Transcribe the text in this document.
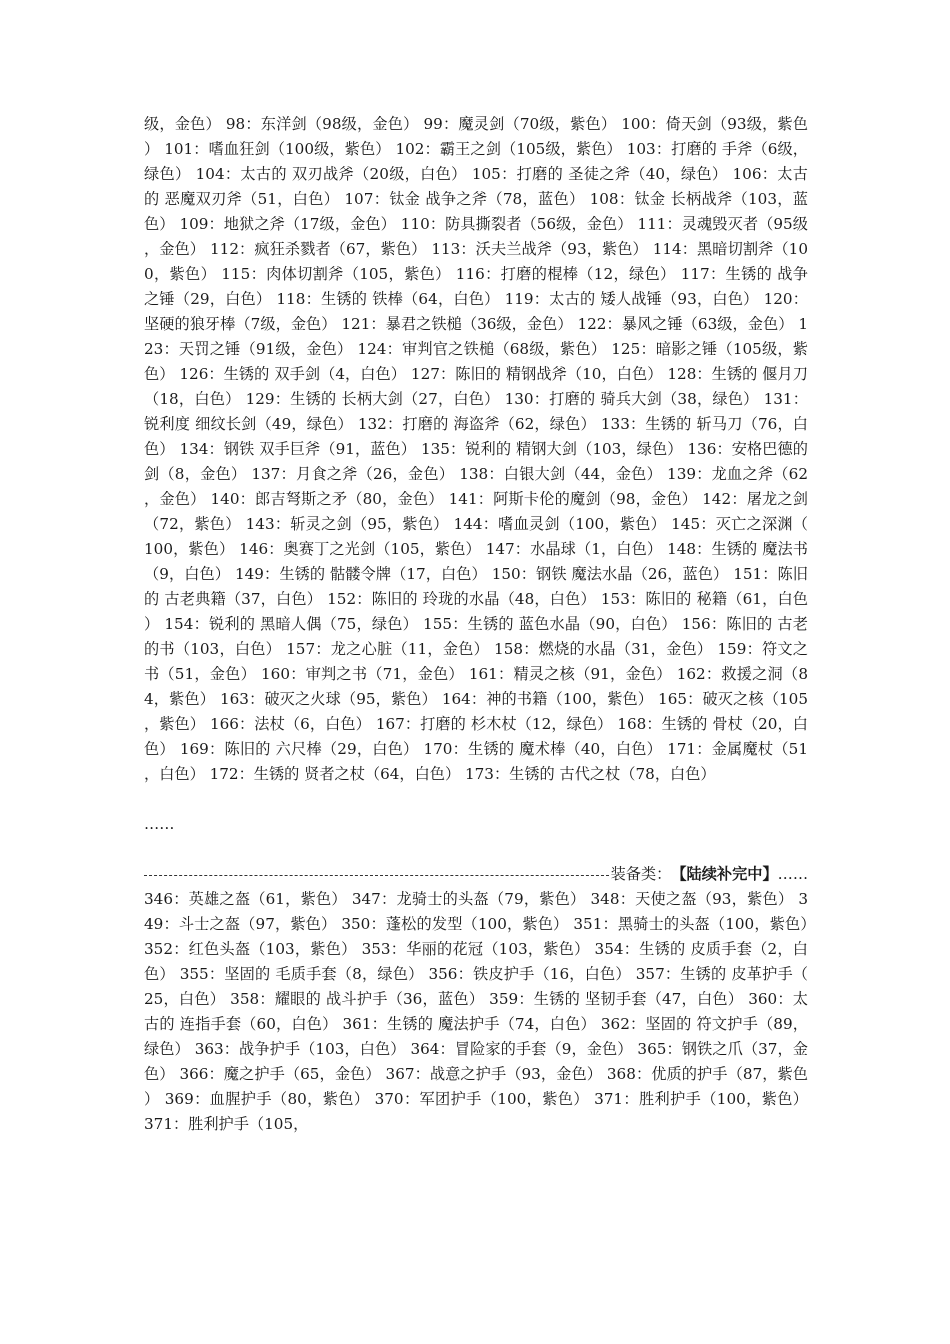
级，金色） 98：东洋剑（98级，金色） 99：魔灵剑（70级，紫色） 100：倚天剑（93级，紫色） 101：嗜血狂剑（100级，紫色） 102：霸王之剑（105级，紫色） 103：打磨的 手斧（6级，绿色） 104：太古的 双刃战斧（20级，白色） 105：打磨的 圣徒之斧（40，绿色） 106：太古的 恶魔双刃斧（51，白色） 107：钛金 战争之斧（78，蓝色） 108：钛金 长柄战斧（103，蓝色） 109：地狱之斧（17级，金色） 110：防具撕裂者（56级，金色） 111：灵魂毁灭者（95级，金色） 112：疯狂杀戮者（67，紫色） 113：沃夫兰战斧（93，紫色） 114：黑暗切割斧（100，紫色） 115：肉体切割斧（105，紫色） 116：打磨的棍棒（12，绿色） 117：生锈的 战争之锤（29，白色） 118：生锈的 铁棒（64，白色） 119：太古的 矮人战锤（93，白色） 120：坚硬的狼牙棒（7级，金色） 121：暴君之铁槌（36级，金色） 122：暴风之锤（63级，金色） 123：天罚之锤（91级，金色） 124：审判官之铁槌（68级，紫色） 125：暗影之锤（105级，紫色） 126：生锈的 双手剑（4，白色） 127：陈旧的 精钢战斧（10，白色） 128：生锈的 偃月刀（18，白色） 129：生锈的 长柄大剑（27，白色） 130：打磨的 骑兵大剑（38，绿色） 131：锐利度 细纹长剑（49，绿色） 132：打磨的 海盗斧（62，绿色） 133：生锈的 斩马刀（76，白色） 134：钢铁 双手巨斧（91，蓝色） 135：锐利的 精钢大剑（103，绿色） 136：安格巴德的剑（8，金色） 137：月食之斧（26，金色） 138：白银大剑（44，金色） 139：龙血之斧（62，金色） 140：郎吉弩斯之矛（80，金色） 141：阿斯卡伦的魔剑（98，金色） 142：屠龙之剑（72，紫色） 143：斩灵之剑（95，紫色） 144：嗜血灵剑（100，紫色） 145：灭亡之深渊（100，紫色） 146：奥赛丁之光剑（105，紫色） 147：水晶球（1，白色） 148：生锈的 魔法书（9，白色） 149：生锈的 骷髅令牌（17，白色） 150：钢铁 魔法水晶（26，蓝色） 151：陈旧的 古老典籍（37，白色） 152：陈旧的 玲珑的水晶（48，白色） 153：陈旧的 秘籍（61，白色） 154：锐利的 黑暗人偶（75，绿色） 155：生锈的 蓝色水晶（90，白色） 156：陈旧的 古老的书（103，白色） 157：龙之心脏（11，金色） 158：燃烧的水晶（31，金色） 159：符文之书（51，金色） 160：审判之书（71，金色） 161：精灵之核（91，金色） 162：救援之洞（84，紫色） 163：破灭之火球（95，紫色） 164：神的书籍（100，紫色） 165：破灭之核（105，紫色） 166：法杖（6，白色） 167：打磨的 杉木杖（12，绿色） 168：生锈的 骨杖（20，白色） 169：陈旧的 六尺棒（29，白色） 170：生锈的 魔术棒（40，白色） 171：金属魔杖（51，白色） 172：生锈的 贤者之杖（64，白色） 173：生锈的 古代之杖（78，白色）

……
装备类： 【陆续补完中】 ……

346：英雄之盔（61，紫色） 347：龙骑士的头盔（79，紫色） 348：天使之盔（93，紫色） 349：斗士之盔（97，紫色） 350：蓬松的发型（100，紫色） 351：黑骑士的头盔（100，紫色） 352：红色头盔（103，紫色） 353：华丽的花冠（103，紫色） 354：生锈的 皮质手套（2，白色） 355：坚固的 毛质手套（8，绿色） 356：铁皮护手（16，白色） 357：生锈的 皮革护手（25，白色） 358：耀眼的 战斗护手（36，蓝色） 359：生锈的 坚韧手套（47，白色） 360：太古的 连指手套（60，白色） 361：生锈的 魔法护手（74，白色） 362：坚固的 符文护手（89，绿色） 363：战争护手（103，白色） 364：冒险家的手套（9，金色） 365：钢铁之爪（37，金色） 366：魔之护手（65，金色） 367：战意之护手（93，金色） 368：优质的护手（87，紫色） 369：血腥护手（80，紫色） 370：军团护手（100，紫色） 371：胜利护手（100，紫色） 371：胜利护手（105，
